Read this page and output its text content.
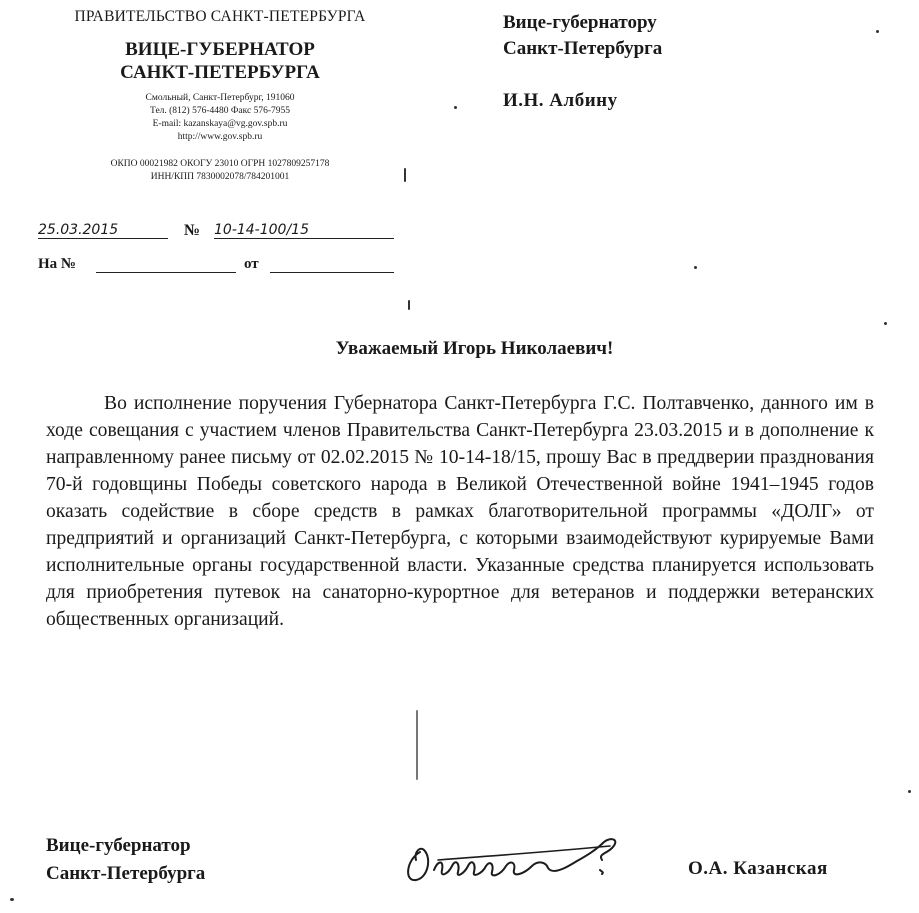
ПРАВИТЕЛЬСТВО САНКТ-ПЕТЕРБУРГА
ВИЦЕ-ГУБЕРНАТОР
САНКТ-ПЕТЕРБУРГА
Смольный, Санкт-Петербург, 191060
Тел. (812) 576-4480 Факс 576-7955
E-mail: kazanskaya@vg.gov.spb.ru
http://www.gov.spb.ru
ОКПО 00021982 ОКОГУ 23010 ОГРН 1027809257178
ИНН/КПП 7830002078/784201001
25.03.2015	№ 10-14-100/15
На №	от
Вице-губернатору
Санкт-Петербурга
И.Н. Албину
Уважаемый Игорь Николаевич!

Во исполнение поручения Губернатора Санкт-Петербурга Г.С. Полтавченко, данного им в ходе совещания с участием членов Правительства Санкт-Петербурга 23.03.2015 и в дополнение к направленному ранее письму от 02.02.2015 № 10-14-18/15, прошу Вас в преддверии празднования 70-й годовщины Победы советского народа в Великой Отечественной войне 1941–1945 годов оказать содействие в сборе средств в рамках благотворительной программы «ДОЛГ» от предприятий и организаций Санкт-Петербурга, с которыми взаимодействуют курируемые Вами исполнительные органы государственной власти. Указанные средства планируется использовать для приобретения путевок на санаторно-курортное для ветеранов и поддержки ветеранских общественных организаций.

Вице-губернатор
Санкт-Петербурга	О.А. Казанская
